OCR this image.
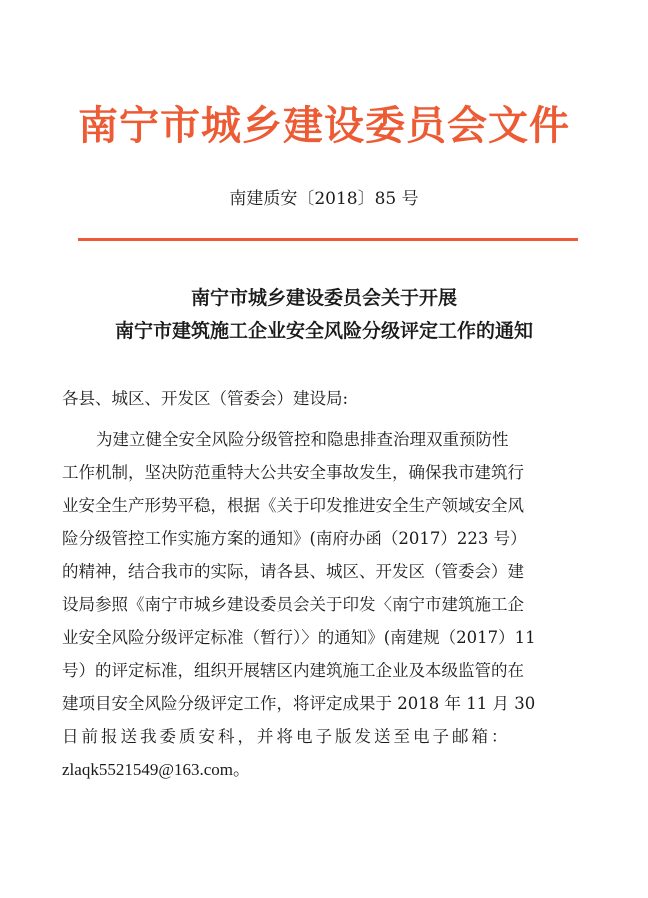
南宁市城乡建设委员会文件
南建质安〔2018〕85 号
南宁市城乡建设委员会关于开展
南宁市建筑施工企业安全风险分级评定工作的通知
各县、城区、开发区（管委会）建设局:
为建立健全安全风险分级管控和隐患排查治理双重预防性
工作机制，坚决防范重特大公共安全事故发生，确保我市建筑行
业安全生产形势平稳，根据《关于印发推进安全生产领域安全风
险分级管控工作实施方案的通知》(南府办函（2017）223 号）
的精神，结合我市的实际，请各县、城区、开发区（管委会）建
设局参照《南宁市城乡建设委员会关于印发〈南宁市建筑施工企
业安全风险分级评定标准（暂行）〉的通知》(南建规（2017）11
号）的评定标准，组织开展辖区内建筑施工企业及本级监管的在
建项目安全风险分级评定工作，将评定成果于 2018 年 11 月 30
日前报送我委质安科，并将电子版发送至电子邮箱：
zlaqk5521549@163.com。
